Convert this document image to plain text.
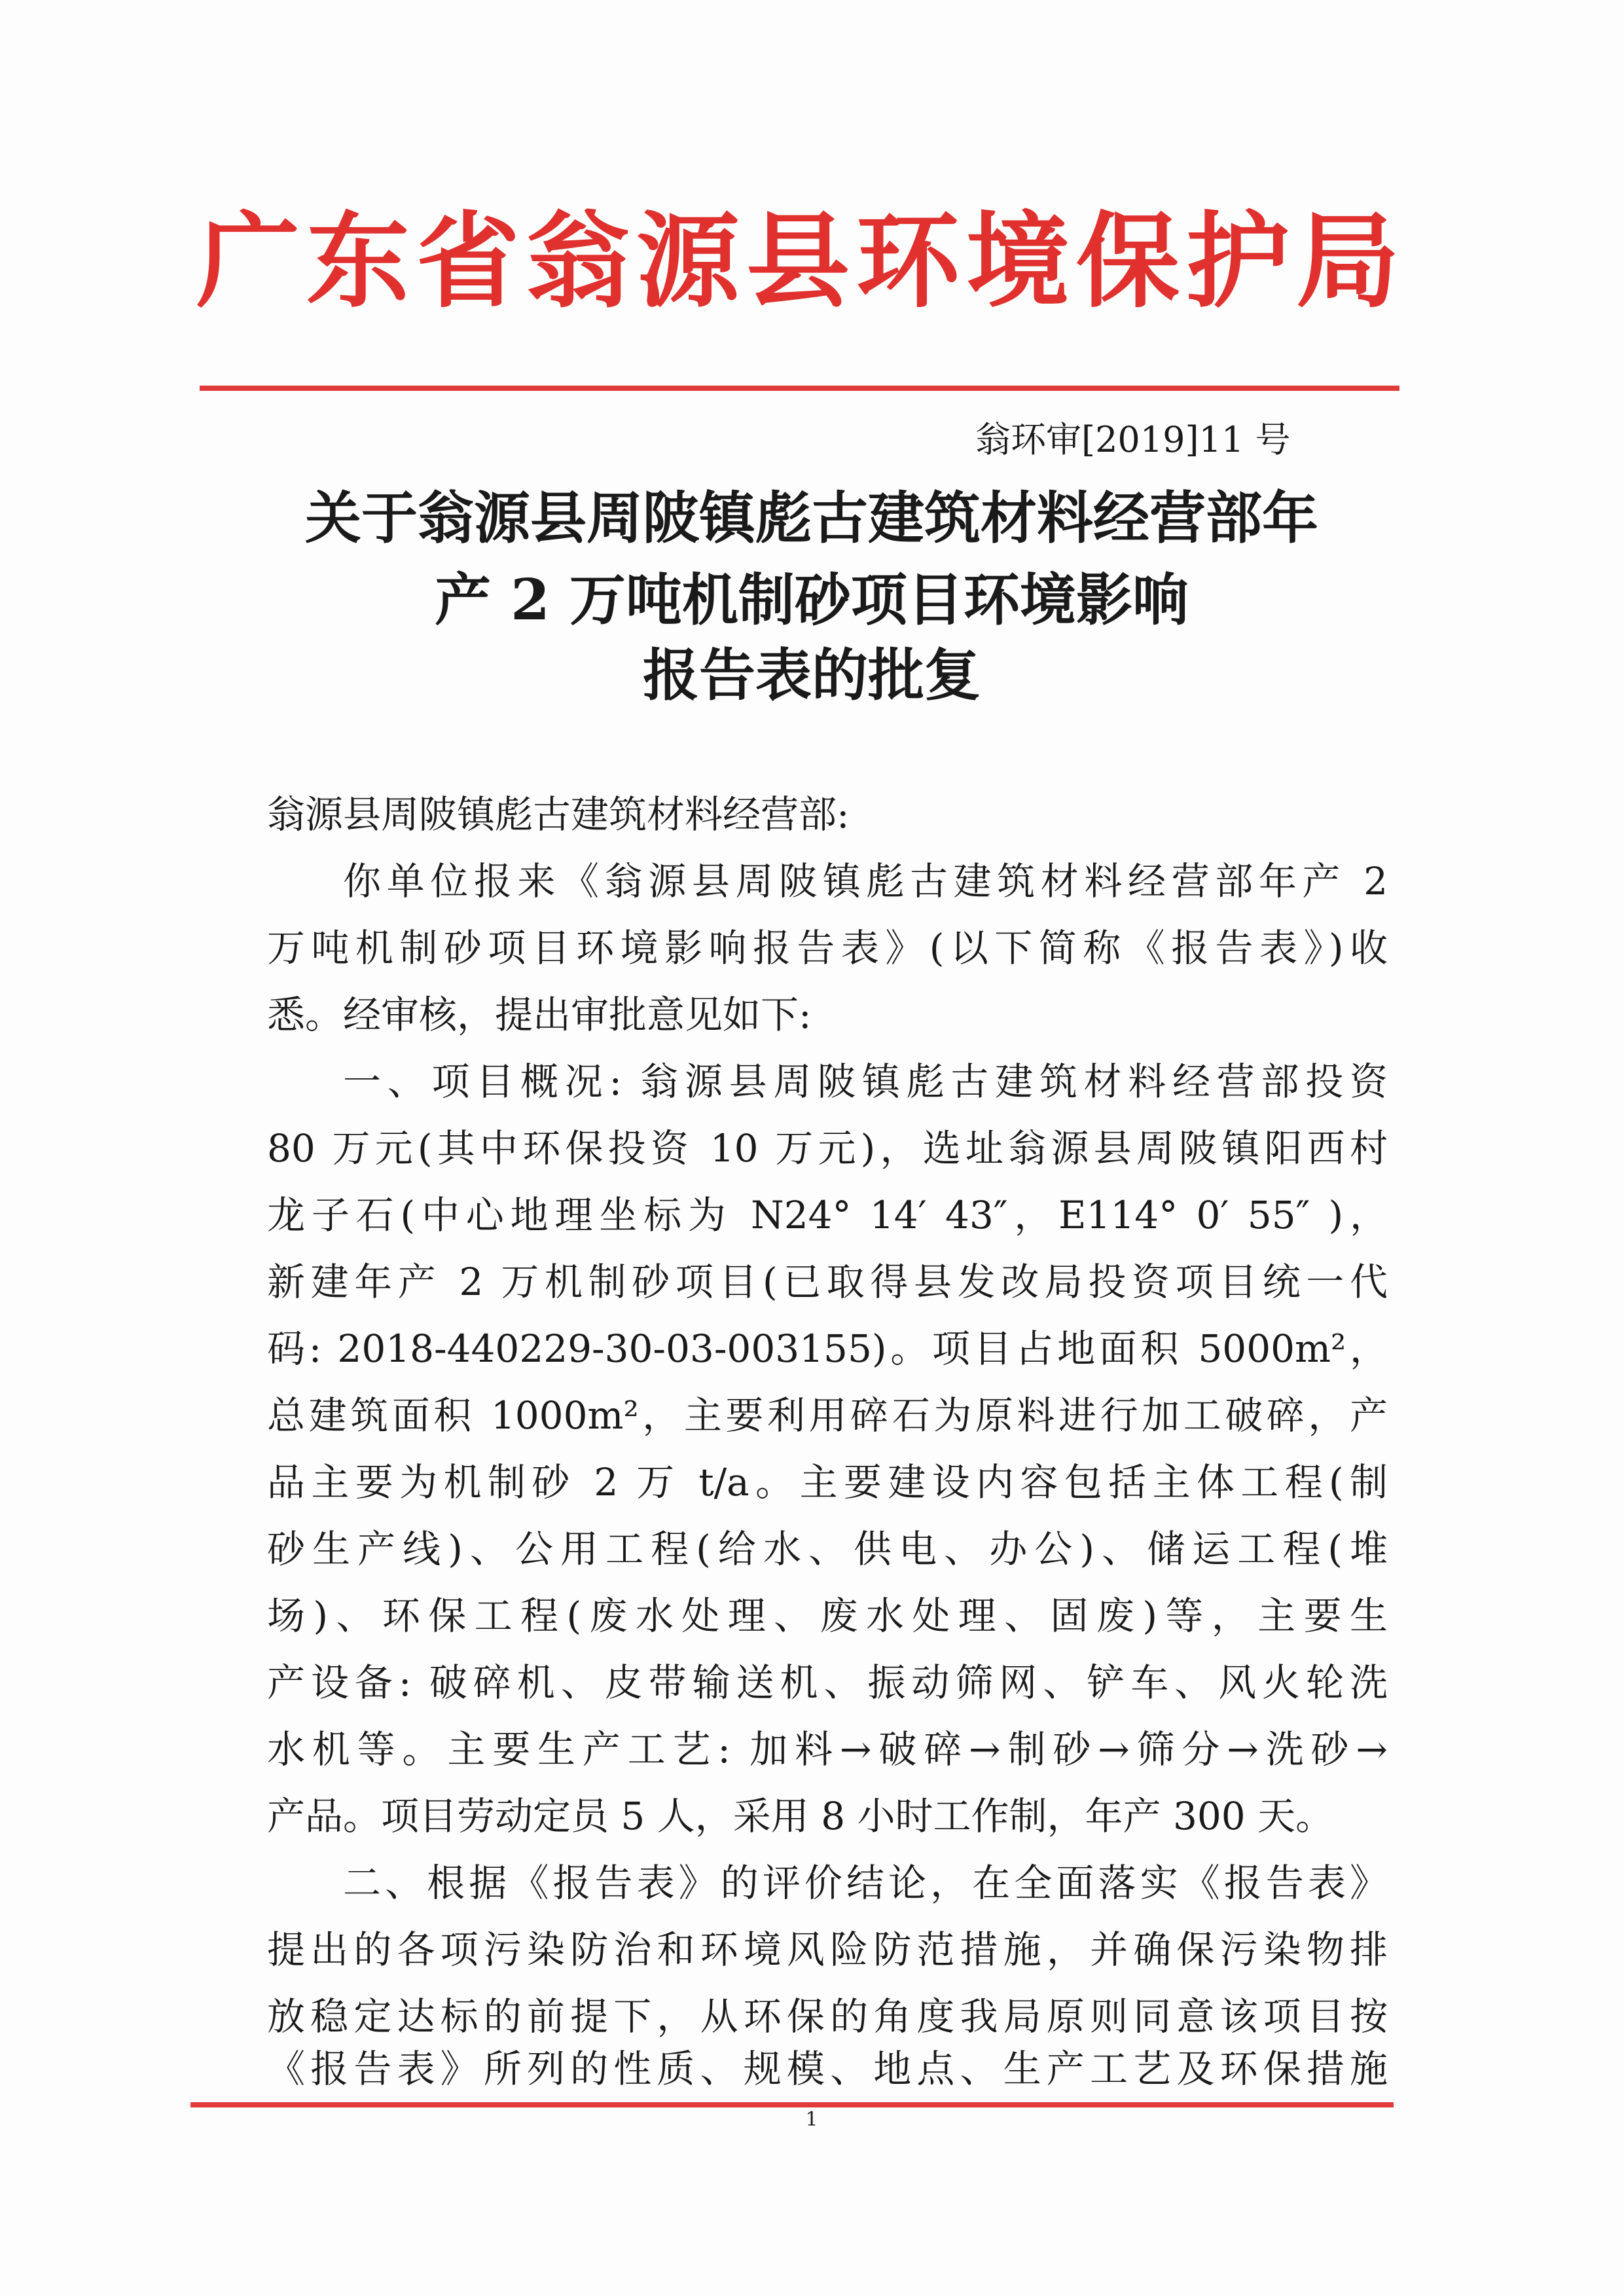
广东省翁源县环境保护局
翁环审[2019]11 号
关于翁源县周陂镇彪古建筑材料经营部年
产 2 万吨机制砂项目环境影响
报告表的批复
翁源县周陂镇彪古建筑材料经营部:
你单位报来《翁源县周陂镇彪古建筑材料经营部年产 2
万吨机制砂项目环境影响报告表》(以下简称《报告表》)收
悉。经审核，提出审批意见如下:
一、项目概况: 翁源县周陂镇彪古建筑材料经营部投资
80 万元(其中环保投资 10 万元)，选址翁源县周陂镇阳西村
龙子石(中心地理坐标为 N24° 14′ 43″，E114° 0′ 55″ )，
新建年产 2 万机制砂项目(已取得县发改局投资项目统一代
码: 2018-440229-30-03-003155)。项目占地面积 5000m²，
总建筑面积 1000m²，主要利用碎石为原料进行加工破碎，产
品主要为机制砂 2 万 t/a。主要建设内容包括主体工程(制
砂生产线)、公用工程(给水、供电、办公)、储运工程(堆
场)、环保工程(废水处理、废水处理、固废)等，主要生
产设备: 破碎机、皮带输送机、振动筛网、铲车、风火轮洗
水机等。主要生产工艺: 加料→破碎→制砂→筛分→洗砂→
产品。项目劳动定员 5 人，采用 8 小时工作制，年产 300 天。
二、根据《报告表》的评价结论，在全面落实《报告表》
提出的各项污染防治和环境风险防范措施，并确保污染物排
放稳定达标的前提下，从环保的角度我局原则同意该项目按
《报告表》所列的性质、规模、地点、生产工艺及环保措施
1
